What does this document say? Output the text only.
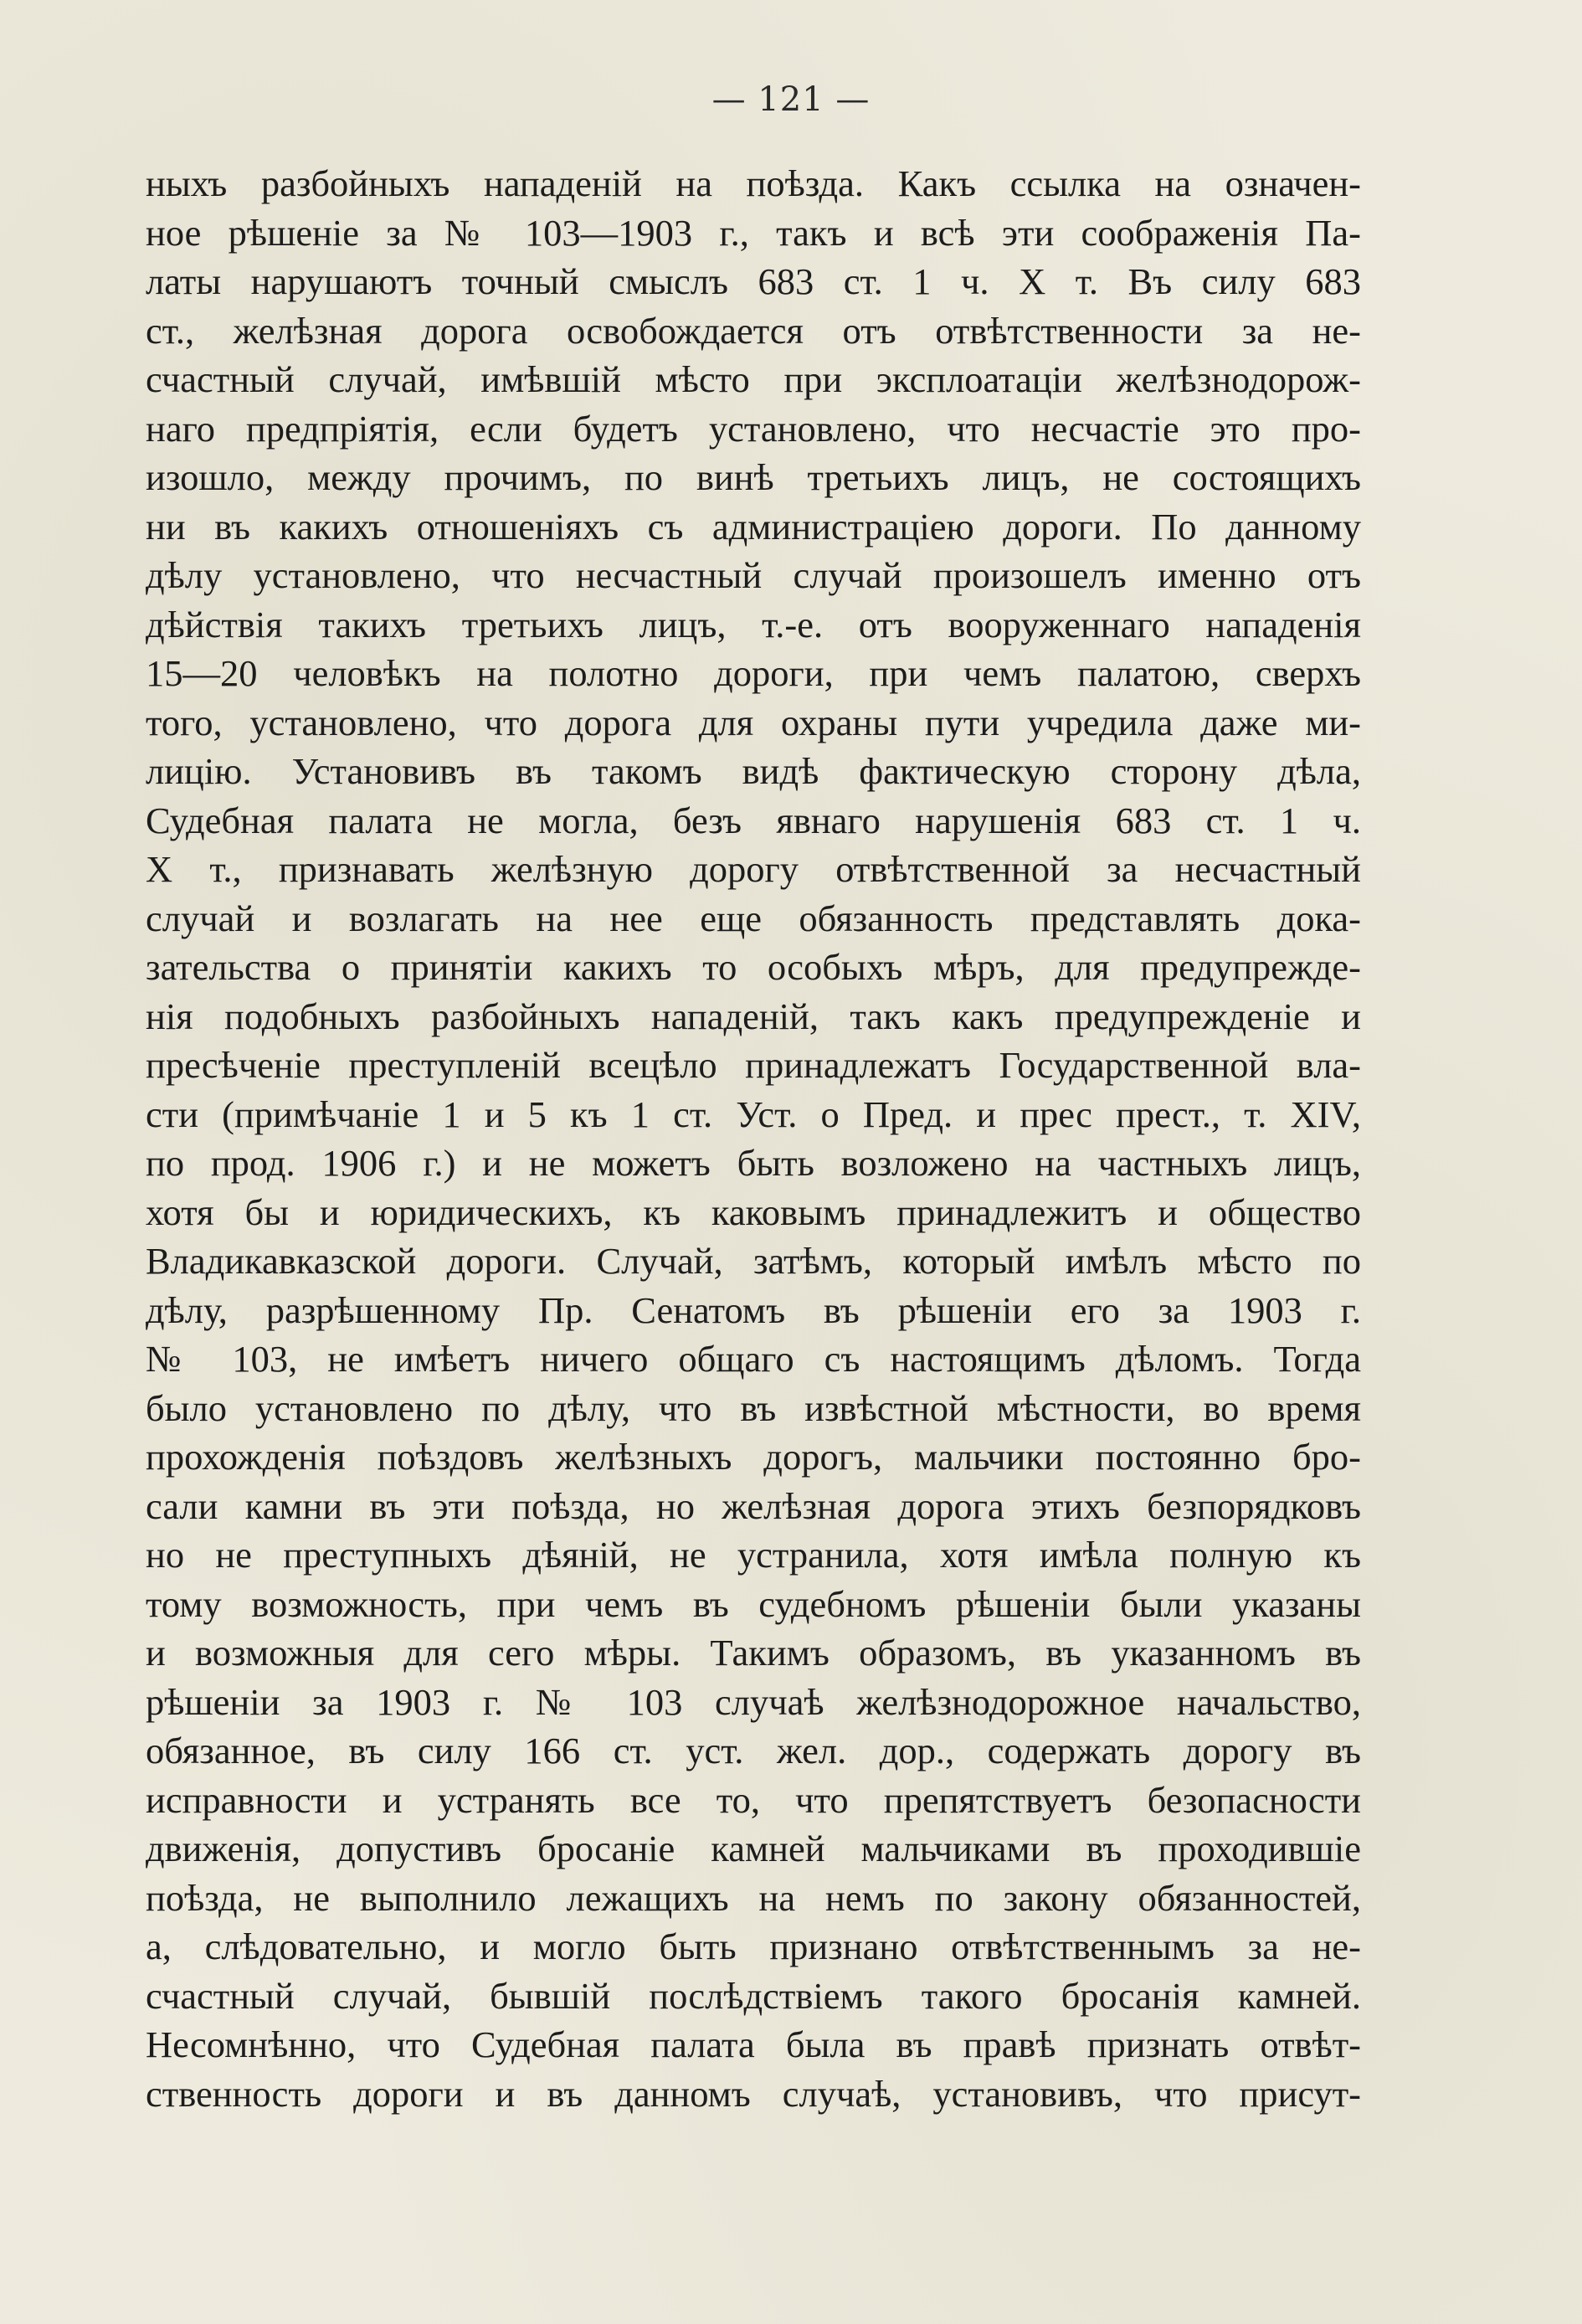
— 121 —
ныхъ разбойныхъ нападеній на поѣзда. Какъ ссылка на означен-
ное рѣшеніе за № 103—1903 г., такъ и всѣ эти соображенія Па-
латы нарушаютъ точный смыслъ 683 ст. 1 ч. X т. Въ силу 683
ст., желѣзная дорога освобождается отъ отвѣтственности за не-
счастный случай, имѣвшій мѣсто при эксплоатаціи желѣзнодорож-
наго предпріятія, если будетъ установлено, что несчастіе это про-
изошло, между прочимъ, по винѣ третьихъ лицъ, не состоящихъ
ни въ какихъ отношеніяхъ съ администраціею дороги. По данному
дѣлу установлено, что несчастный случай произошелъ именно отъ
дѣйствія такихъ третьихъ лицъ, т.-е. отъ вооруженнаго нападенія
15—20 человѣкъ на полотно дороги, при чемъ палатою, сверхъ
того, установлено, что дорога для охраны пути учредила даже ми-
лицію. Установивъ въ такомъ видѣ фактическую сторону дѣла,
Судебная палата не могла, безъ явнаго нарушенія 683 ст. 1 ч.
X т., признавать желѣзную дорогу отвѣтственной за несчастный
случай и возлагать на нее еще обязанность представлять дока-
зательства о принятіи какихъ то особыхъ мѣръ, для предупрежде-
нія подобныхъ разбойныхъ нападеній, такъ какъ предупрежденіе и
пресѣченіе преступленій всецѣло принадлежатъ Государственной вла-
сти (примѣчаніе 1 и 5 къ 1 ст. Уст. о Пред. и прес прест., т. XIV,
по прод. 1906 г.) и не можетъ быть возложено на частныхъ лицъ,
хотя бы и юридическихъ, къ каковымъ принадлежитъ и общество
Владикавказской дороги. Случай, затѣмъ, который имѣлъ мѣсто по
дѣлу, разрѣшенному Пр. Сенатомъ въ рѣшеніи его за 1903 г.
№ 103, не имѣетъ ничего общаго съ настоящимъ дѣломъ. Тогда
было установлено по дѣлу, что въ извѣстной мѣстности, во время
прохожденія поѣздовъ желѣзныхъ дорогъ, мальчики постоянно бро-
сали камни въ эти поѣзда, но желѣзная дорога этихъ безпорядковъ
но не преступныхъ дѣяній, не устранила, хотя имѣла полную къ
тому возможность, при чемъ въ судебномъ рѣшеніи были указаны
и возможныя для сего мѣры. Такимъ образомъ, въ указанномъ въ
рѣшеніи за 1903 г. № 103 случаѣ желѣзнодорожное начальство,
обязанное, въ силу 166 ст. уст. жел. дор., содержать дорогу въ
исправности и устранять все то, что препятствуетъ безопасности
движенія, допустивъ бросаніе камней мальчиками въ проходившіе
поѣзда, не выполнило лежащихъ на немъ по закону обязанностей,
а, слѣдовательно, и могло быть признано отвѣтственнымъ за не-
счастный случай, бывшій послѣдствіемъ такого бросанія камней.
Несомнѣнно, что Судебная палата была въ правѣ признать отвѣт-
ственность дороги и въ данномъ случаѣ, установивъ, что присут-
